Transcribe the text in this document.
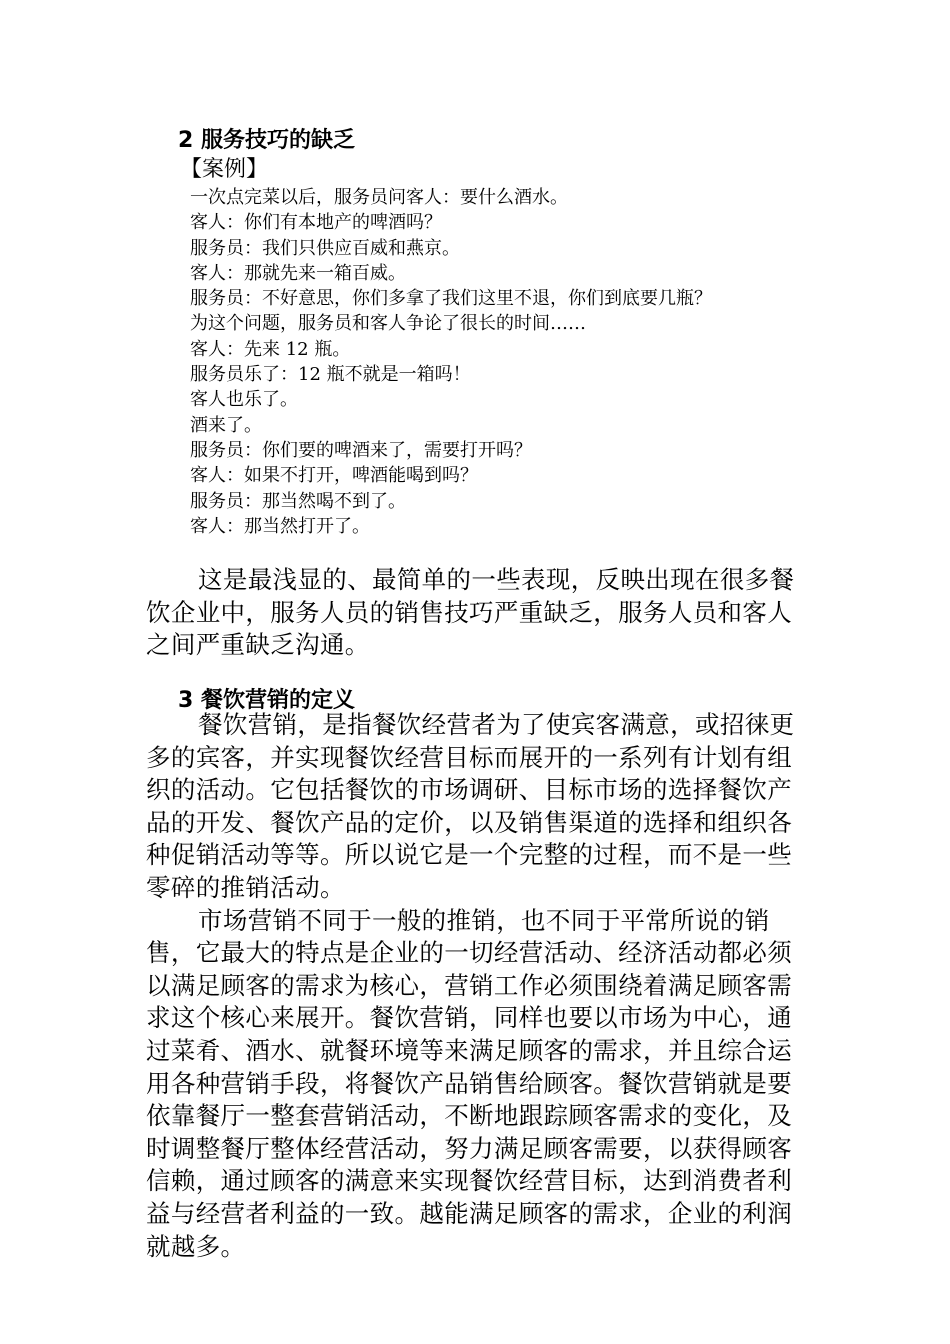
2 服务技巧的缺乏
【案例】
一次点完菜以后，服务员问客人：要什么酒水。
客人：你们有本地产的啤酒吗？
服务员：我们只供应百威和燕京。
客人：那就先来一箱百威。
服务员：不好意思，你们多拿了我们这里不退，你们到底要几瓶？
为这个问题，服务员和客人争论了很长的时间……
客人：先来 12 瓶。
服务员乐了：12 瓶不就是一箱吗！
客人也乐了。
酒来了。
服务员：你们要的啤酒来了，需要打开吗？
客人：如果不打开，啤酒能喝到吗？
服务员：那当然喝不到了。
客人：那当然打开了。

这是最浅显的、最简单的一些表现，反映出现在很多餐饮企业中，服务人员的销售技巧严重缺乏，服务人员和客人之间严重缺乏沟通。

3 餐饮营销的定义

餐饮营销，是指餐饮经营者为了使宾客满意，或招徕更多的宾客，并实现餐饮经营目标而展开的一系列有计划有组织的活动。它包括餐饮的市场调研、目标市场的选择餐饮产品的开发、餐饮产品的定价，以及销售渠道的选择和组织各种促销活动等等。所以说它是一个完整的过程，而不是一些零碎的推销活动。

市场营销不同于一般的推销，也不同于平常所说的销售，它最大的特点是企业的一切经营活动、经济活动都必须以满足顾客的需求为核心，营销工作必须围绕着满足顾客需求这个核心来展开。餐饮营销，同样也要以市场为中心，通过菜肴、酒水、就餐环境等来满足顾客的需求，并且综合运用各种营销手段，将餐饮产品销售给顾客。餐饮营销就是要依靠餐厅一整套营销活动，不断地跟踪顾客需求的变化，及时调整餐厅整体经营活动，努力满足顾客需要，以获得顾客信赖，通过顾客的满意来实现餐饮经营目标，达到消费者利益与经营者利益的一致。越能满足顾客的需求，企业的利润就越多。
